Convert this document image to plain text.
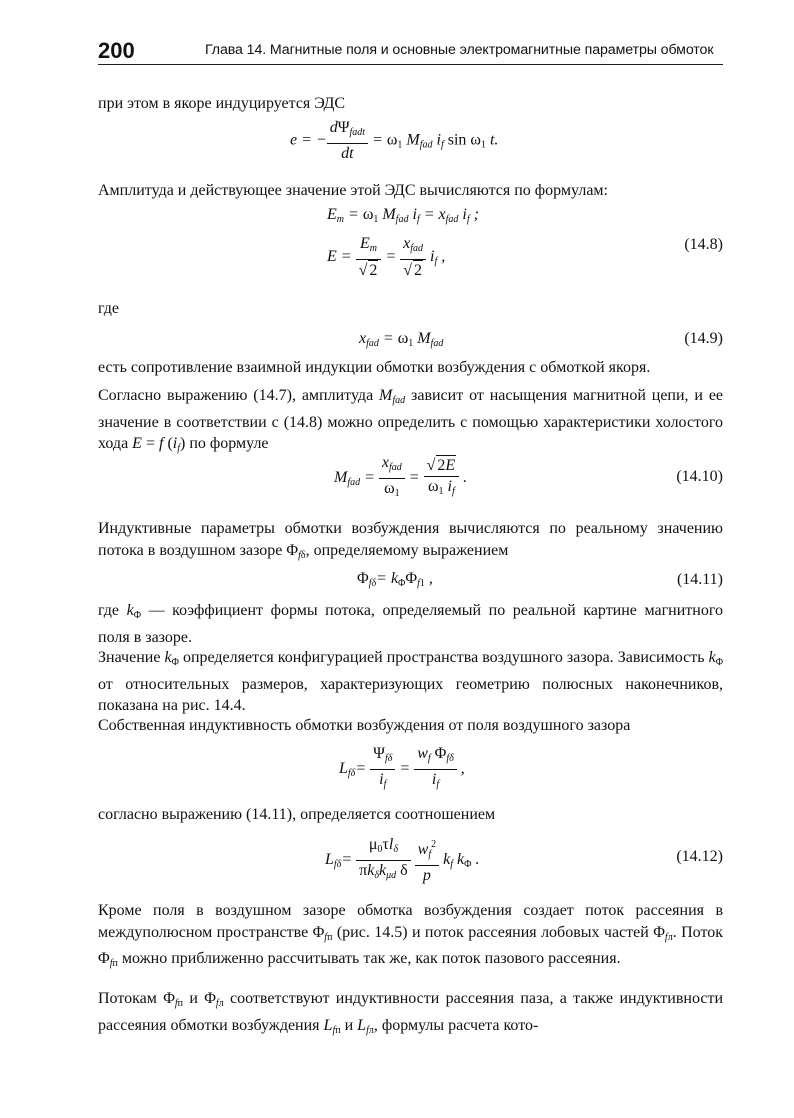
200	Глава 14. Магнитные поля и основные электромагнитные параметры обмоток
при этом в якоре индуцируется ЭДС
e = − $\frac{d\Psi_{fadt}}{dt} = \omega_1$ $M_{fad}$ $i_f$ $\sin \omega_1$ t.
Амплитуда и действующее значение этой ЭДС вычисляются по формулам:
$E_m = \omega_1$ $M_{fad}$ $i_f = x_{fad}$ $i_f$ ;
$E = \frac{E_m}{√ 2} = \frac{x_{fad}}{√ 2} i_f$ ,
(14.8)
где
$x_{fad} = \omega_1$ $M_{fad}$	(14.9)
есть сопротивление взаимной индукции обмотки возбуждения с обмоткой якоря.
Согласно выражению (14.7), амплитуда $M_{fad}$ зависит от насыщения магнитной цепи, и ее значение в соответствии с (14.8) можно определить с помощью характеристики холостого хода E = f $(i_f)$ по формуле
$M_{fad} = \frac{x_{fad}}{\omega_1} = \frac{√ 2E}{\omega_1 i_f}$ .	(14.10)
Индуктивные параметры обмотки возбуждения вычисляются по реальному значению потока в воздушном зазоре $\Phi_{f\delta}$, определяемому выражением
$\Phi_{f\delta}= k_\Phi\Phi_{f1}$ ,	(14.11)
где $k_\Phi$ — коэффициент формы потока, определяемый по реальной картине магнитного поля в зазоре.
Значение $k_\Phi$ определяется конфигурацией пространства воздушного зазора. Зависимость $k_\Phi$ от относительных размеров, характеризующих геометрию полюсных наконечников, показана на рис. 14.4.
Собственная индуктивность обмотки возбуждения от поля воздушного зазора
$L_{f\delta}= \frac{\Psi_{f\delta}}{i_f} = \frac{w_f \Phi_{f\delta}}{i_f}$ ,
согласно выражению (14.11), определяется соотношением
$L_{f\delta}= \frac{\mu_0\tau l_\delta}{\pi k_\delta k_{\mu d} \delta}$
$\frac{w_f^2}{p} k_f$ $k_\Phi$ .	(14.12)
Кроме поля в воздушном зазоре обмотка возбуждения создает поток рассеяния в междуполюсном пространстве $\Phi_{fп}$ (рис. 14.5) и поток рассеяния лобовых частей $\Phi_{fл}$. Поток $\Phi_{fп}$ можно приближенно рассчитывать так же, как поток пазового рассеяния.
Потокам $\Phi_{fп}$ и $\Phi_{fл}$ соответствуют индуктивности рассеяния паза, а также индуктивности рассеяния обмотки возбуждения $L_{fп}$ и $L_{fл}$, формулы расчета кото-
